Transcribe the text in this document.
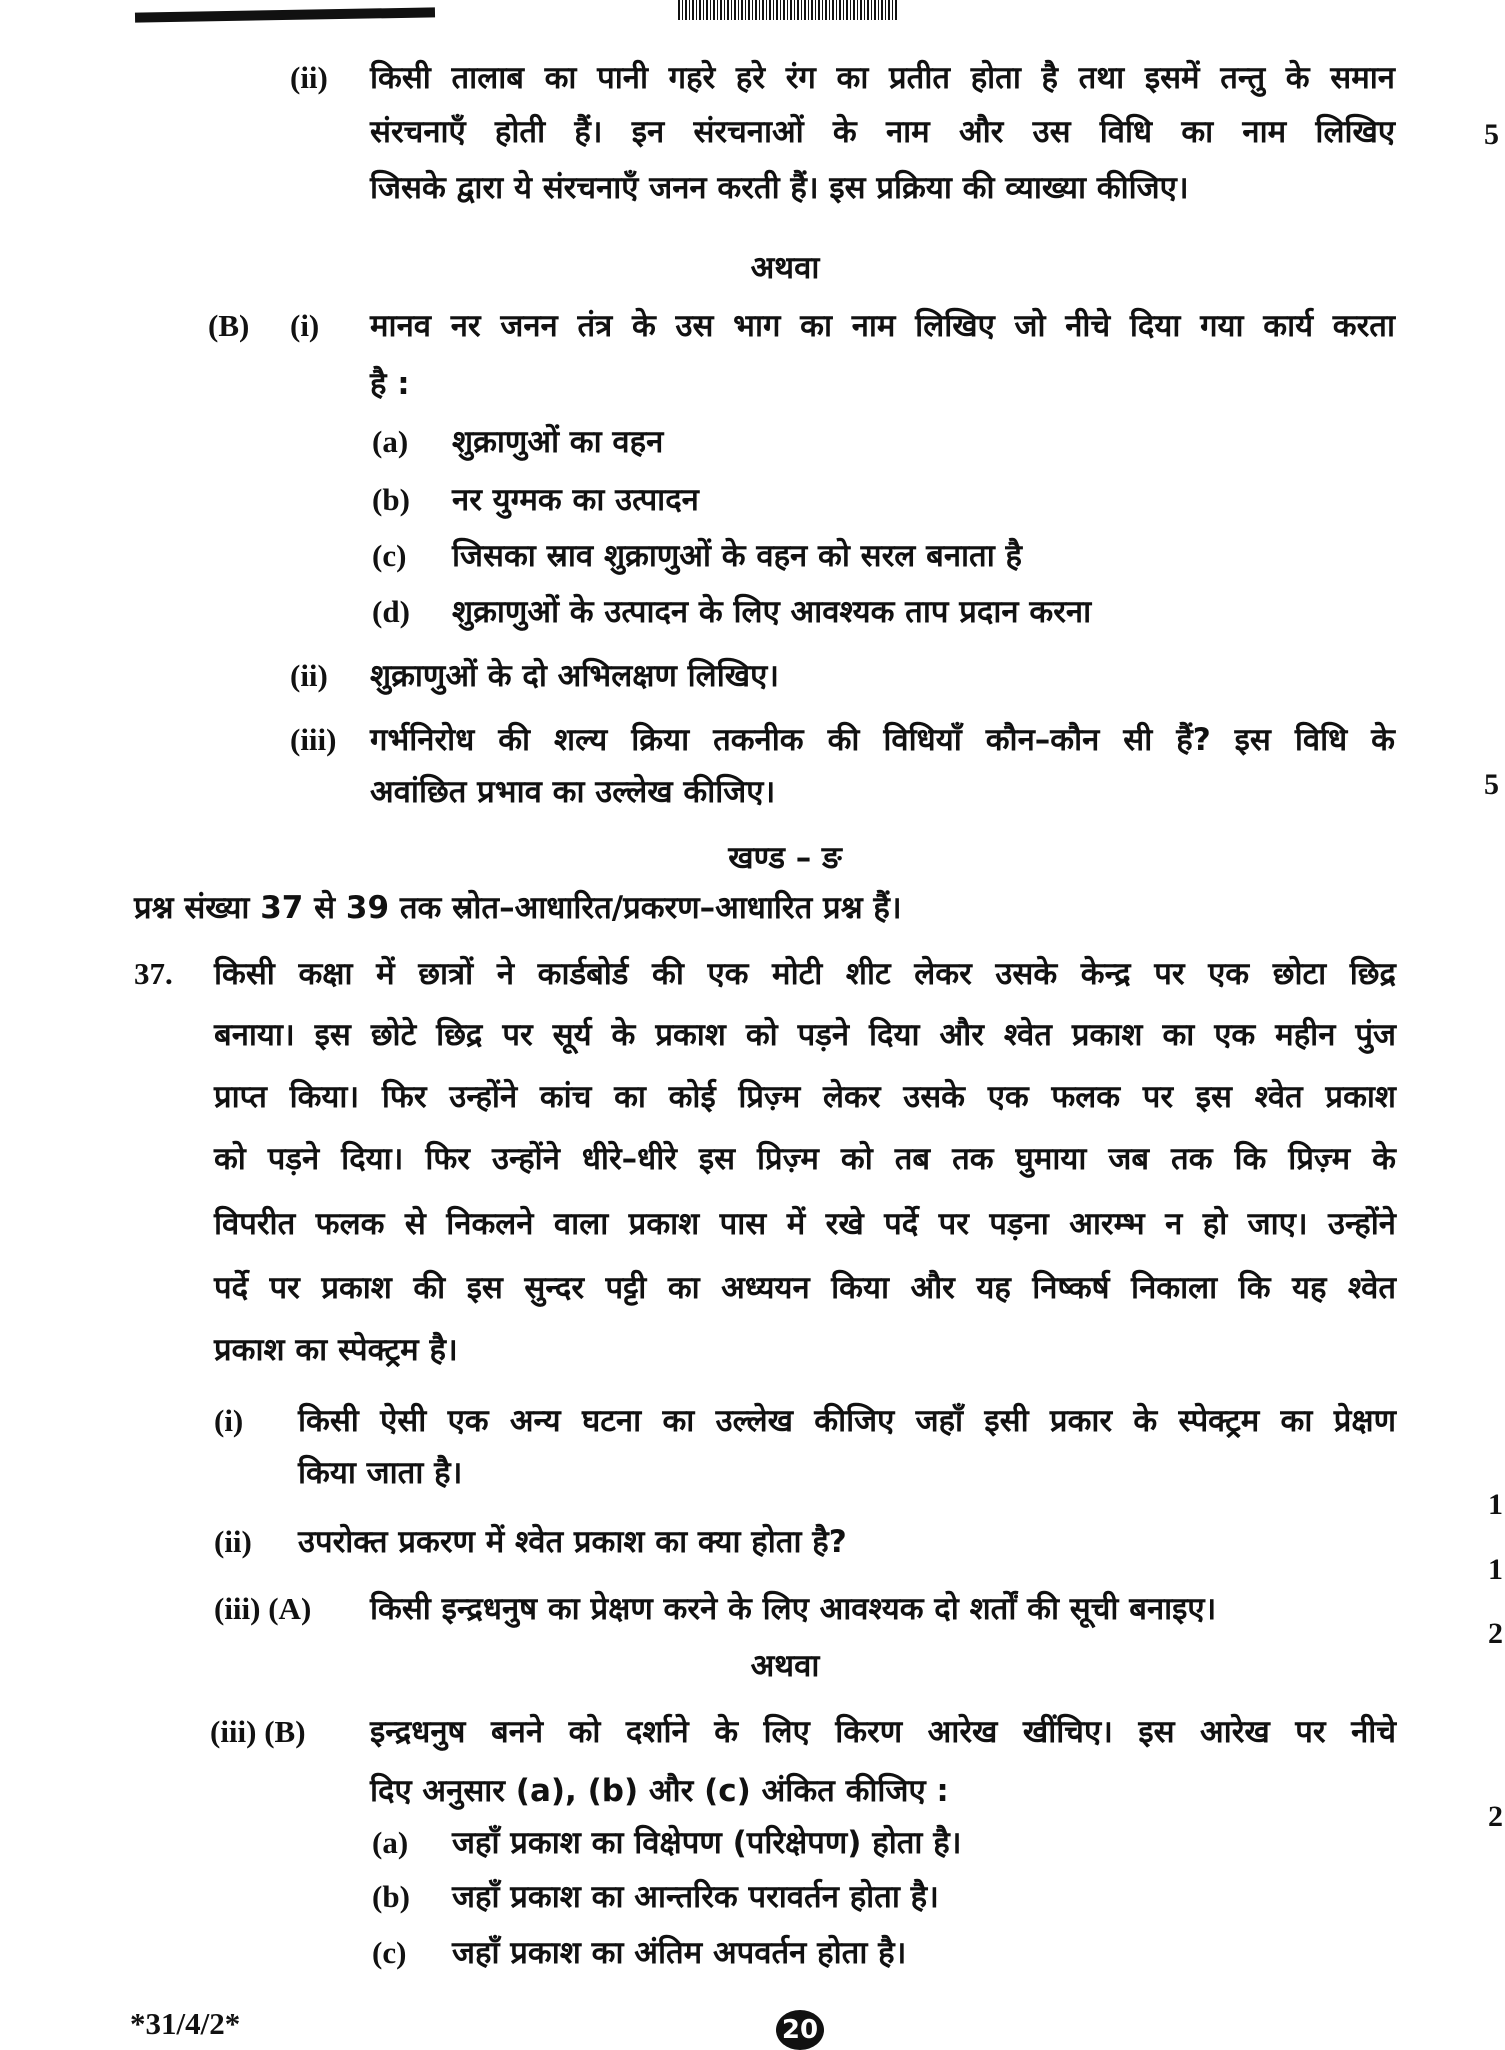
(ii) किसी तालाब का पानी गहरे हरे रंग का प्रतीत होता है तथा इसमें तन्तु के समान
संरचनाएँ होती हैं। इन संरचनाओं के नाम और उस विधि का नाम लिखिए
जिसके द्वारा ये संरचनाएँ जनन करती हैं। इस प्रक्रिया की व्याख्या कीजिए।
5
अथवा
(B) (i) मानव नर जनन तंत्र के उस भाग का नाम लिखिए जो नीचे दिया गया कार्य करता
है :
(a) शुक्राणुओं का वहन
(b) नर युग्मक का उत्पादन
(c) जिसका स्राव शुक्राणुओं के वहन को सरल बनाता है
(d) शुक्राणुओं के उत्पादन के लिए आवश्यक ताप प्रदान करना
(ii) शुक्राणुओं के दो अभिलक्षण लिखिए।
(iii) गर्भनिरोध की शल्य क्रिया तकनीक की विधियाँ कौन–कौन सी हैं? इस विधि के
अवांछित प्रभाव का उल्लेख कीजिए।	5
खण्ड – ङ
प्रश्न संख्या 37 से 39 तक स्रोत–आधारित/प्रकरण–आधारित प्रश्न हैं।
37. किसी कक्षा में छात्रों ने कार्डबोर्ड की एक मोटी शीट लेकर उसके केन्द्र पर एक छोटा छिद्र
बनाया। इस छोटे छिद्र पर सूर्य के प्रकाश को पड़ने दिया और श्वेत प्रकाश का एक महीन पुंज
प्राप्त किया। फिर उन्होंने कांच का कोई प्रिज़्म लेकर उसके एक फलक पर इस श्वेत प्रकाश
को पड़ने दिया। फिर उन्होंने धीरे–धीरे इस प्रिज़्म को तब तक घुमाया जब तक कि प्रिज़्म के
विपरीत फलक से निकलने वाला प्रकाश पास में रखे पर्दे पर पड़ना आरम्भ न हो जाए। उन्होंने
पर्दे पर प्रकाश की इस सुन्दर पट्टी का अध्ययन किया और यह निष्कर्ष निकाला कि यह श्वेत
प्रकाश का स्पेक्ट्रम है।
(i) किसी ऐसी एक अन्य घटना का उल्लेख कीजिए जहाँ इसी प्रकार के स्पेक्ट्रम का प्रेक्षण
किया जाता है।
1
(ii) उपरोक्त प्रकरण में श्वेत प्रकाश का क्या होता है?
1
(iii) (A) किसी इन्द्रधनुष का प्रेक्षण करने के लिए आवश्यक दो शर्तों की सूची बनाइए।
2
अथवा
(iii) (B) इन्द्रधनुष बनने को दर्शाने के लिए किरण आरेख खींचिए। इस आरेख पर नीचे
दिए अनुसार (a), (b) और (c) अंकित कीजिए :
2
(a) जहाँ प्रकाश का विक्षेपण (परिक्षेपण) होता है।
(b) जहाँ प्रकाश का आन्तरिक परावर्तन होता है।
(c) जहाँ प्रकाश का अंतिम अपवर्तन होता है।
*31/4/2*	20
